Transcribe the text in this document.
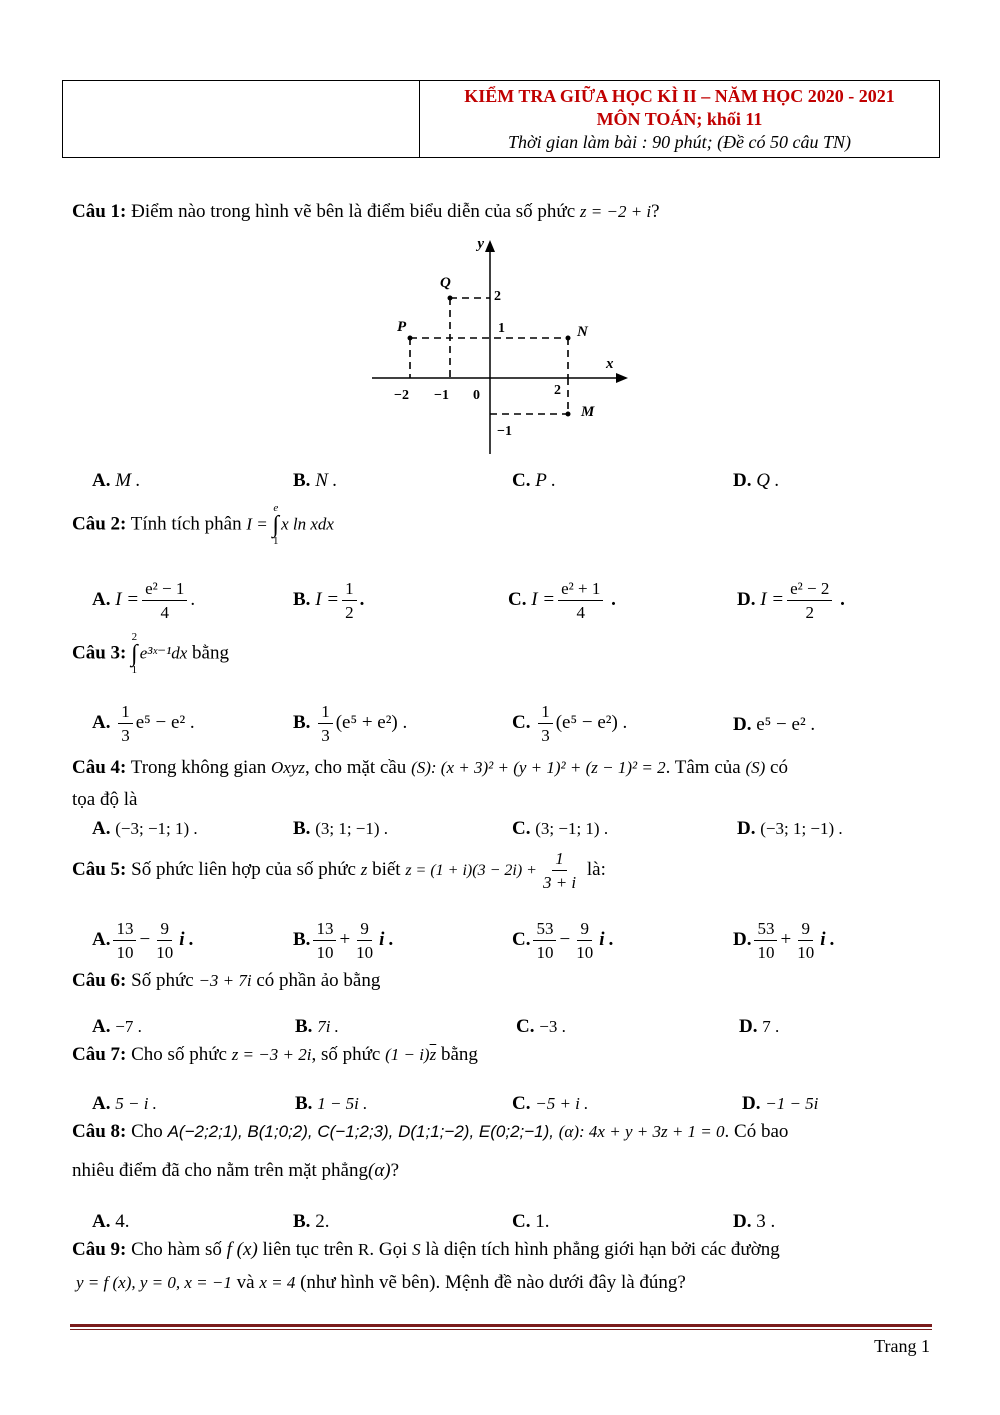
KIỂM TRA GIỮA HỌC KÌ II – NĂM HỌC 2020 - 2021
MÔN TOÁN; khối 11
Thời gian làm bài : 90 phút; (Đề có 50 câu TN)
Câu 1: Điểm nào trong hình vẽ bên là điểm biểu diễn của số phức z = −2 + i?
y
x
P
Q
N
M
−2 −1 0	2
2
1
−1
A. M .	B. N .	C. P .	D. Q .
Câu 2: Tính tích phân I =
e
∫
1
x ln xdx
A. $I = \frac{\text{e² − 1}}{4}$ .	B. $I = \frac{1}{2}$ .	C. $I = \frac{\text{e² + 1}}{4}$ .	D. $I = \frac{\text{e² − 2}}{2}$ .
Câu 3:
2
∫
1
e³ˣ⁻¹dx bằng
A. $\frac{1}{3} e^5 - e^2$ .	B. $\frac{1}{3} (e^5 + e^2)$ .	C. $\frac{1}{3} (e^5 - e^2)$ .	D. e⁵ − e² .
Câu 4: Trong không gian Oxyz, cho mặt cầu (S): (x + 3)² + (y + 1)² + (z − 1)² = 2. Tâm của (S) có
tọa độ là
A. (−3; −1; 1) .	B. (3; 1; −1) .	C. (3; −1; 1) .	D. (−3; 1; −1) .
Câu 5: Số phức liên hợp của số phức z biết $z = (1 + i)(3 - 2i) + \frac{1}{3 + i}$ là:
A. $\frac{13}{10} - \frac{9}{10}$ i .	B. $\frac{13}{10} + \frac{9}{10}$ i .	C. $\frac{53}{10} - \frac{9}{10}$ i .	D. $\frac{53}{10} + \frac{9}{10}$ i .
Câu 6: Số phức −3 + 7i có phần ảo bằng
A. −7 .	B. 7i .	C. −3 .	D. 7 .
Câu 7: Cho số phức z = −3 + 2i, số phức $(1 - i)\overline{z}$ bằng
A. 5 − i .	B. 1 − 5i .	C. −5 + i .	D. −1 − 5i
Câu 8: Cho A(−2;2;1), B(1;0;2), C(−1;2;3), D(1;1;−2), E(0;2;−1), (α): 4x + y + 3z + 1 = 0. Có bao
nhiêu điểm đã cho nằm trên mặt phẳng(α)?
A. 4.	B. 2.	C. 1.	D. 3 .
Câu 9: Cho hàm số f (x) liên tục trên R. Gọi S là diện tích hình phẳng giới hạn bởi các đường
y = f (x), y = 0, x = −1 và x = 4 (như hình vẽ bên). Mệnh đề nào dưới đây là đúng?
Trang 1
